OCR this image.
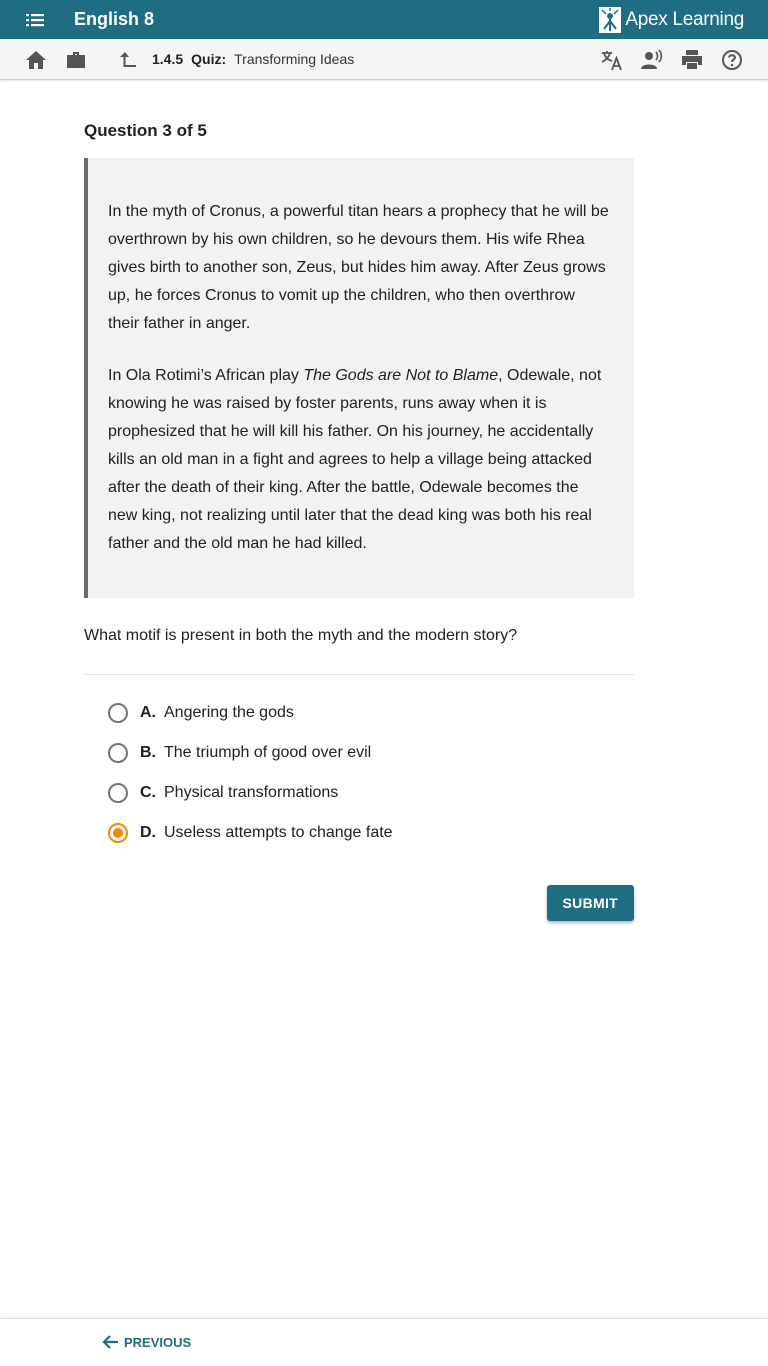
English 8	Apex Learning
1.4.5 Quiz: Transforming Ideas
Question 3 of 5

In the myth of Cronus, a powerful titan hears a prophecy that he will be overthrown by his own children, so he devours them. His wife Rhea gives birth to another son, Zeus, but hides him away. After Zeus grows up, he forces Cronus to vomit up the children, who then overthrow their father in anger.

In Ola Rotimi’s African play The Gods are Not to Blame, Odewale, not knowing he was raised by foster parents, runs away when it is prophesized that he will kill his father. On his journey, he accidentally kills an old man in a fight and agrees to help a village being attacked after the death of their king. After the battle, Odewale becomes the new king, not realizing until later that the dead king was both his real father and the old man he had killed.

What motif is present in both the myth and the modern story?
A. Angering the gods
B. The triumph of good over evil
C. Physical transformations
D. Useless attempts to change fate
SUBMIT
PREVIOUS
